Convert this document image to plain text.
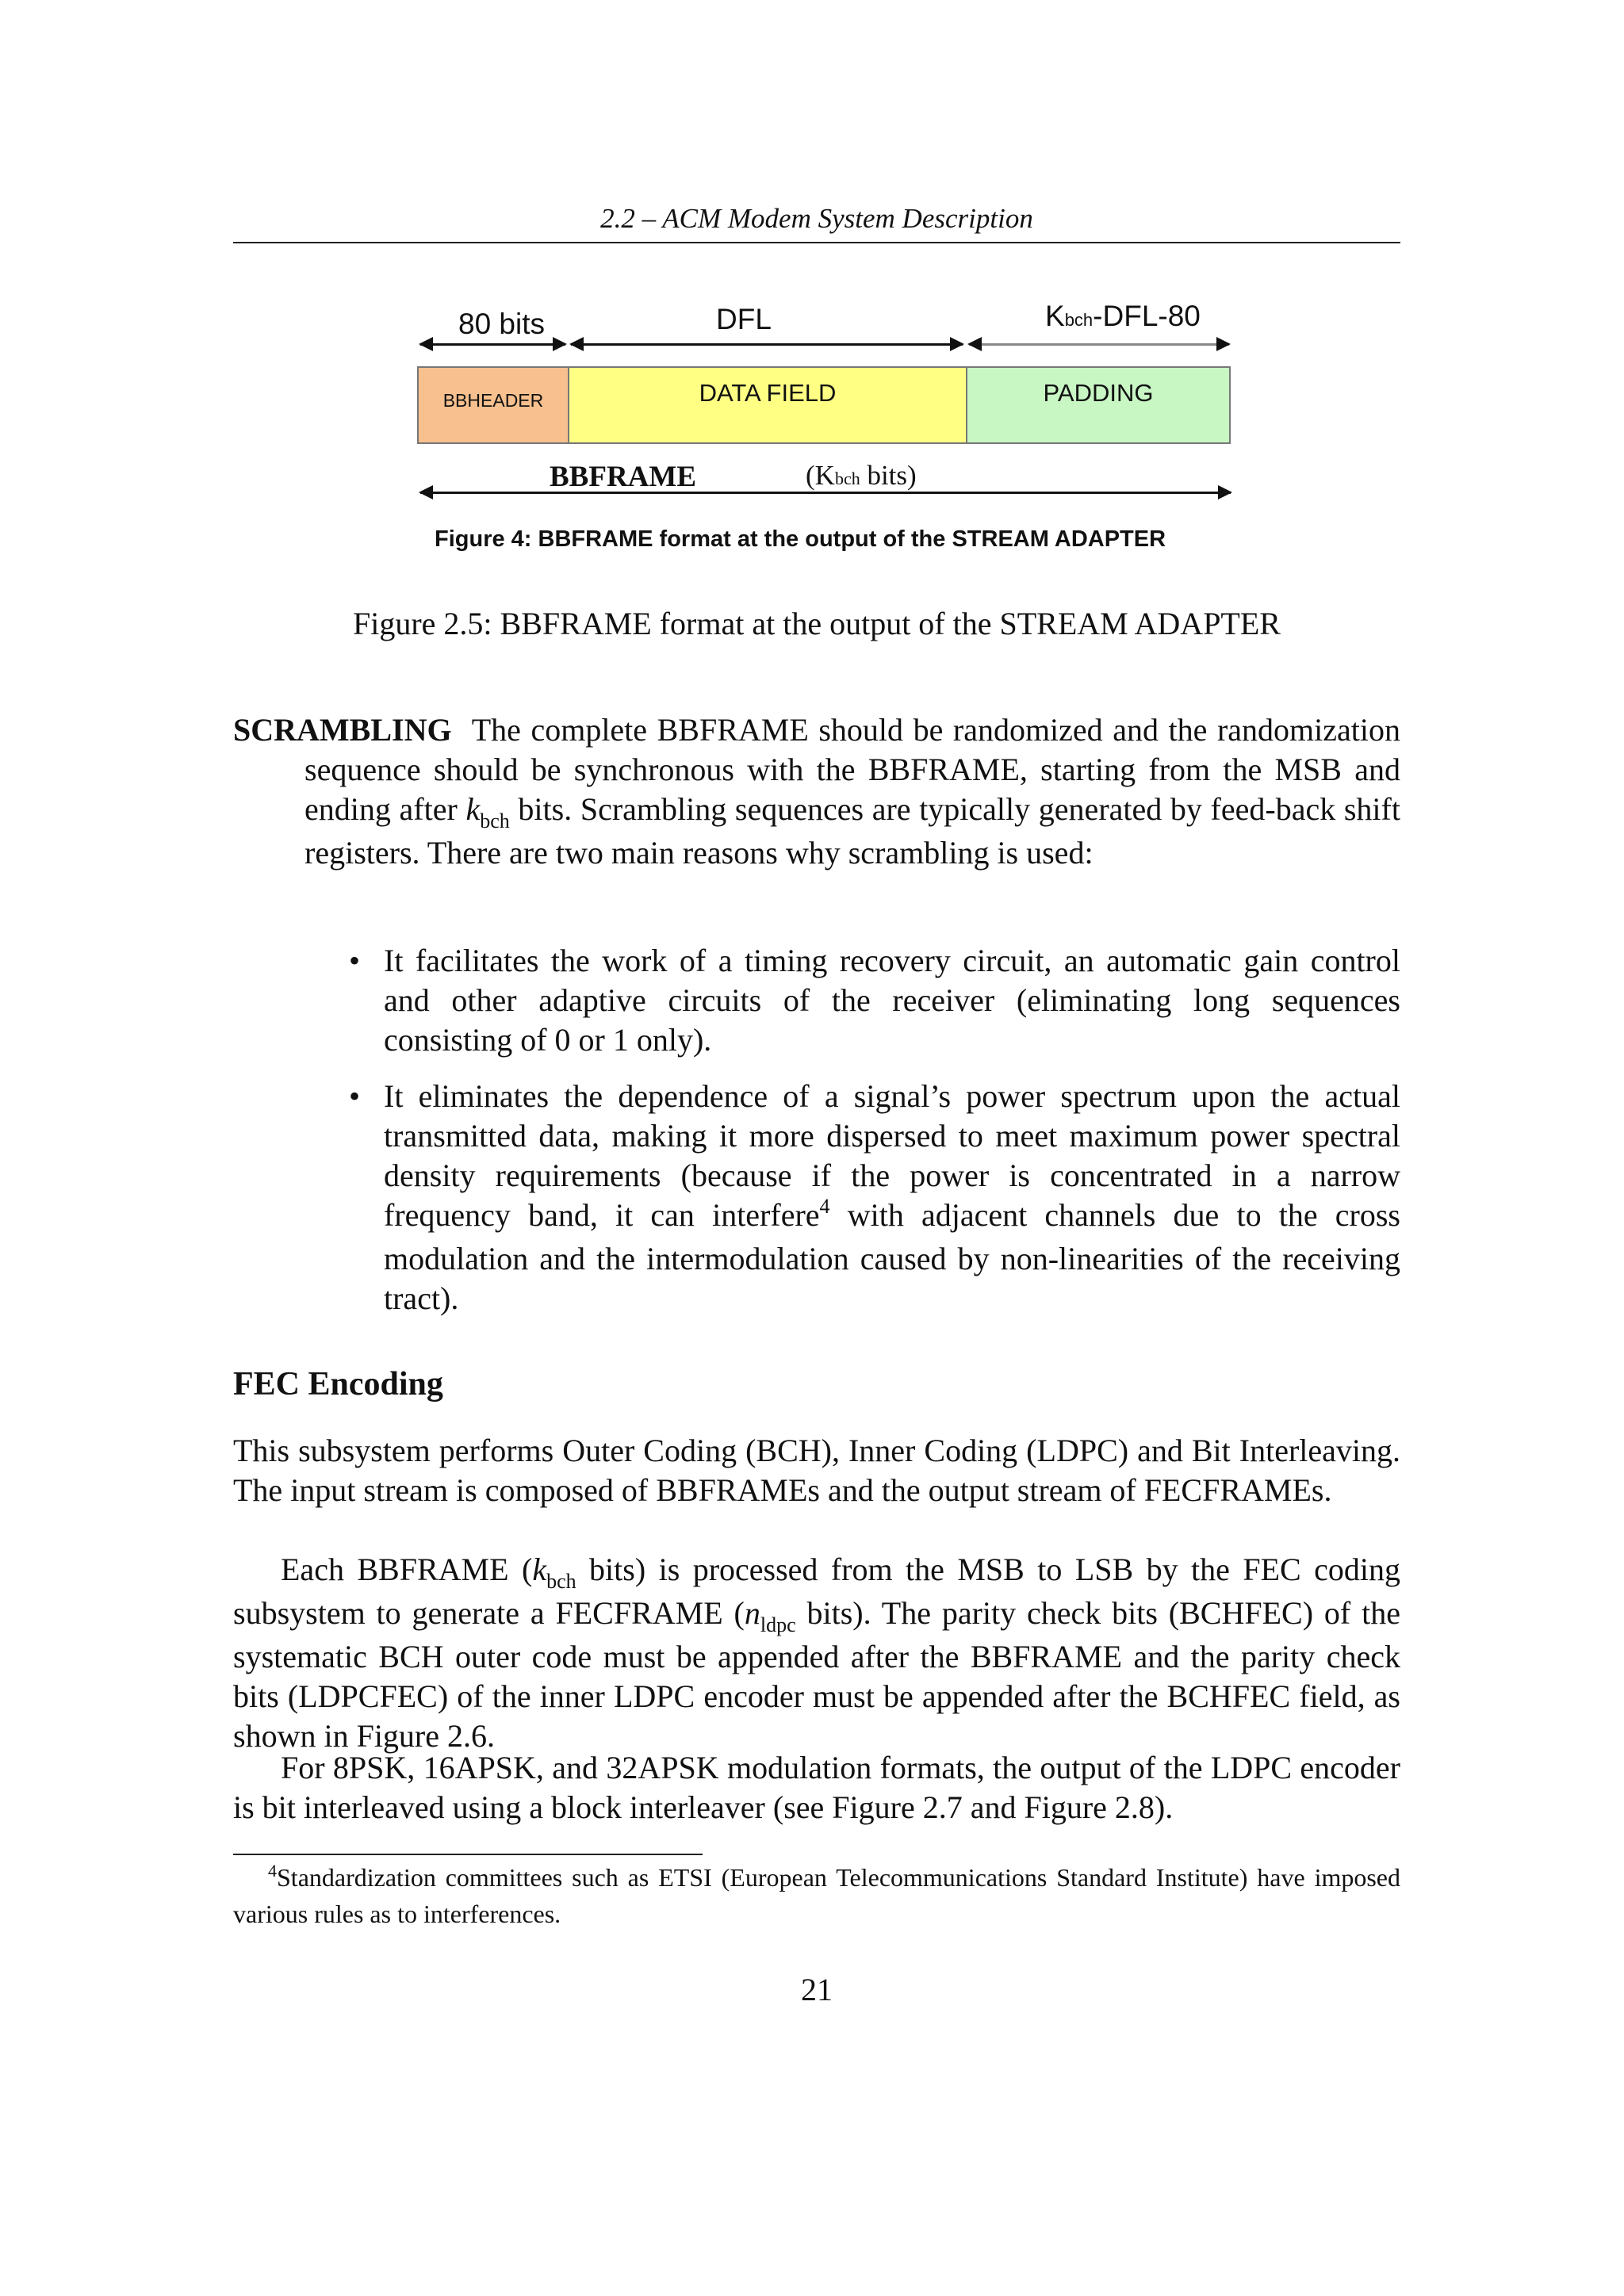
2.2 – ACM Modem System Description
80 bits	DFL	Kbch-DFL-80
BBHEADER	DATA FIELD	PADDING
BBFRAME	(Kbch bits)
Figure 4: BBFRAME format at the output of the STREAM ADAPTER
Figure 2.5: BBFRAME format at the output of the STREAM ADAPTER

SCRAMBLING The complete BBFRAME should be randomized and the randomization sequence should be synchronous with the BBFRAME, starting from the MSB and ending after $k_{bch}$ bits. Scrambling sequences are typically generated by feed-back shift registers. There are two main reasons why scrambling is used:

• It facilitates the work of a timing recovery circuit, an automatic gain control and other adaptive circuits of the receiver (eliminating long sequences consisting of 0 or 1 only).

• It eliminates the dependence of a signal’s power spectrum upon the actual transmitted data, making it more dispersed to meet maximum power spectral density requirements (because if the power is concentrated in a narrow frequency band, it can interfere$^4$ with adjacent channels due to the cross modulation and the intermodulation caused by non-linearities of the receiving tract).

FEC Encoding

This subsystem performs Outer Coding (BCH), Inner Coding (LDPC) and Bit Interleaving. The input stream is composed of BBFRAMEs and the output stream of FECFRAMEs.

Each BBFRAME ($k_{bch}$ bits) is processed from the MSB to LSB by the FEC coding subsystem to generate a FECFRAME ($n_{ldpc}$ bits). The parity check bits (BCHFEC) of the systematic BCH outer code must be appended after the BBFRAME and the parity check bits (LDPCFEC) of the inner LDPC encoder must be appended after the BCHFEC field, as shown in Figure 2.6.

For 8PSK, 16APSK, and 32APSK modulation formats, the output of the LDPC encoder is bit interleaved using a block interleaver (see Figure 2.7 and Figure 2.8).

$^4$Standardization committees such as ETSI (European Telecommunications Standard Institute) have imposed various rules as to interferences.
21
